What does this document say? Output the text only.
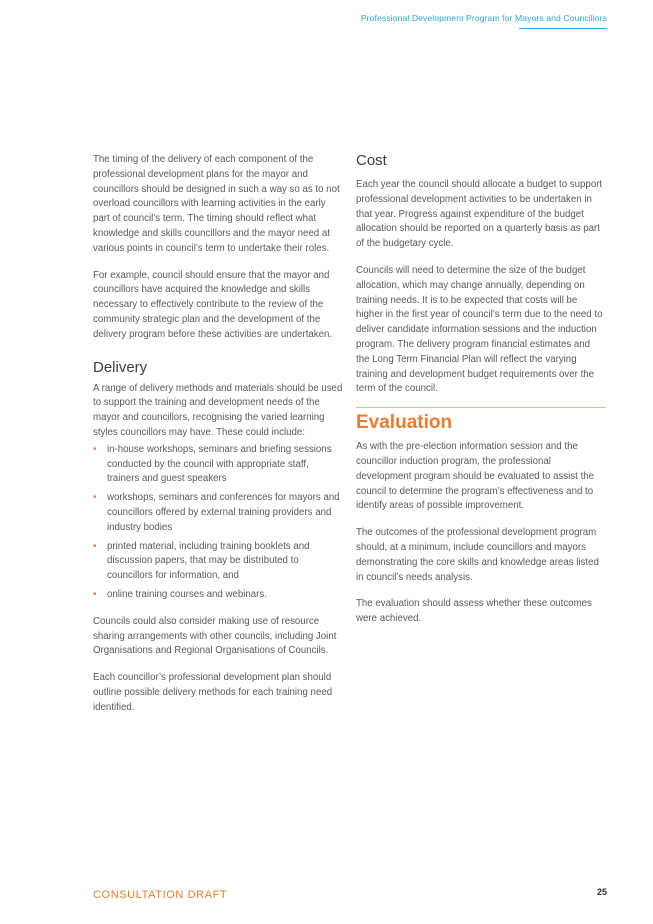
Professional Development Program for Mayors and Councillors

The timing of the delivery of each component of the professional development plans for the mayor and councillors should be designed in such a way so as to not overload councillors with learning activities in the early part of council’s term. The timing should reflect what knowledge and skills councillors and the mayor need at various points in council’s term to undertake their roles.

For example, council should ensure that the mayor and councillors have acquired the knowledge and skills necessary to effectively contribute to the review of the community strategic plan and the development of the delivery program before these activities are undertaken.

Delivery

A range of delivery methods and materials should be used to support the training and development needs of the mayor and councillors, recognising the varied learning styles councillors may have. These could include:

• in-house workshops, seminars and briefing sessions conducted by the council with appropriate staff, trainers and guest speakers
• workshops, seminars and conferences for mayors and councillors offered by external training providers and industry bodies
• printed material, including training booklets and discussion papers, that may be distributed to councillors for information, and
• online training courses and webinars.

Councils could also consider making use of resource sharing arrangements with other councils, including Joint Organisations and Regional Organisations of Councils.

Each councillor’s professional development plan should outline possible delivery methods for each training need identified.

Cost

Each year the council should allocate a budget to support professional development activities to be undertaken in that year. Progress against expenditure of the budget allocation should be reported on a quarterly basis as part of the budgetary cycle.

Councils will need to determine the size of the budget allocation, which may change annually, depending on training needs. It is to be expected that costs will be higher in the first year of council’s term due to the need to deliver candidate information sessions and the induction program. The delivery program financial estimates and the Long Term Financial Plan will reflect the varying training and development budget requirements over the term of the council.

Evaluation

As with the pre-election information session and the councillor induction program, the professional development program should be evaluated to assist the council to determine the program’s effectiveness and to identify areas of possible improvement.

The outcomes of the professional development program should, at a minimum, include councillors and mayors demonstrating the core skills and knowledge areas listed in council’s needs analysis.

The evaluation should assess whether these outcomes were achieved.

CONSULTATION DRAFT	25
